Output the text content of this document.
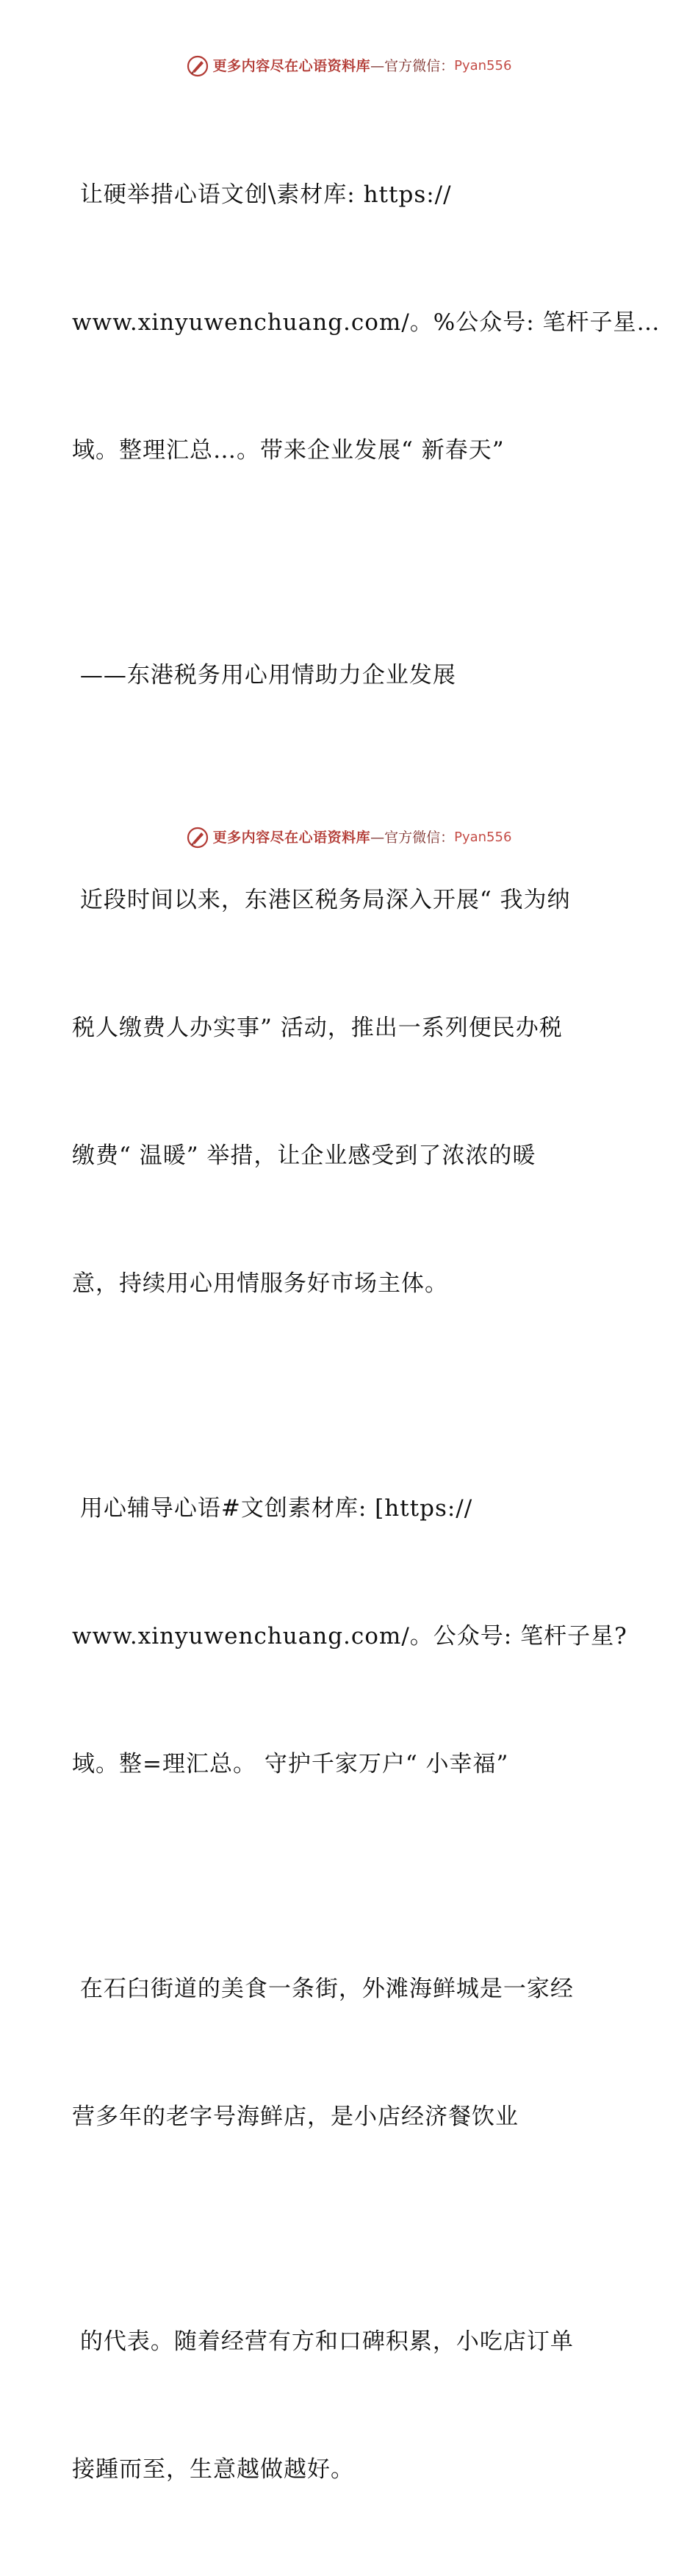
更多内容尽在心语资料库 —官方微信： Pyan556

让硬举措心语文创\素材库: https://

www.xinyuwenchuang.com/。%公众号: 笔杆子星…

域。整理汇总…。带来企业发展“ 新春天”

——东港税务用心用情助力企业发展

近段时间以来，东港区税务局深入开展“ 我为纳

税人缴费人办实事” 活动，推出一系列便民办税

缴费“ 温暖” 举措，让企业感受到了浓浓的暖

意，持续用心用情服务好市场主体。

用心辅导心语#文创素材库: [https://

www.xinyuwenchuang.com/。公众号: 笔杆子星?

域。整=理汇总。 守护千家万户“ 小幸福”

在石臼街道的美食一条街，外滩海鲜城是一家经

营多年的老字号海鲜店，是小店经济餐饮业

的代表。随着经营有方和口碑积累，小吃店订单

接踵而至，生意越做越好。

更多内容尽在心语资料库 —官方微信： Pyan556
